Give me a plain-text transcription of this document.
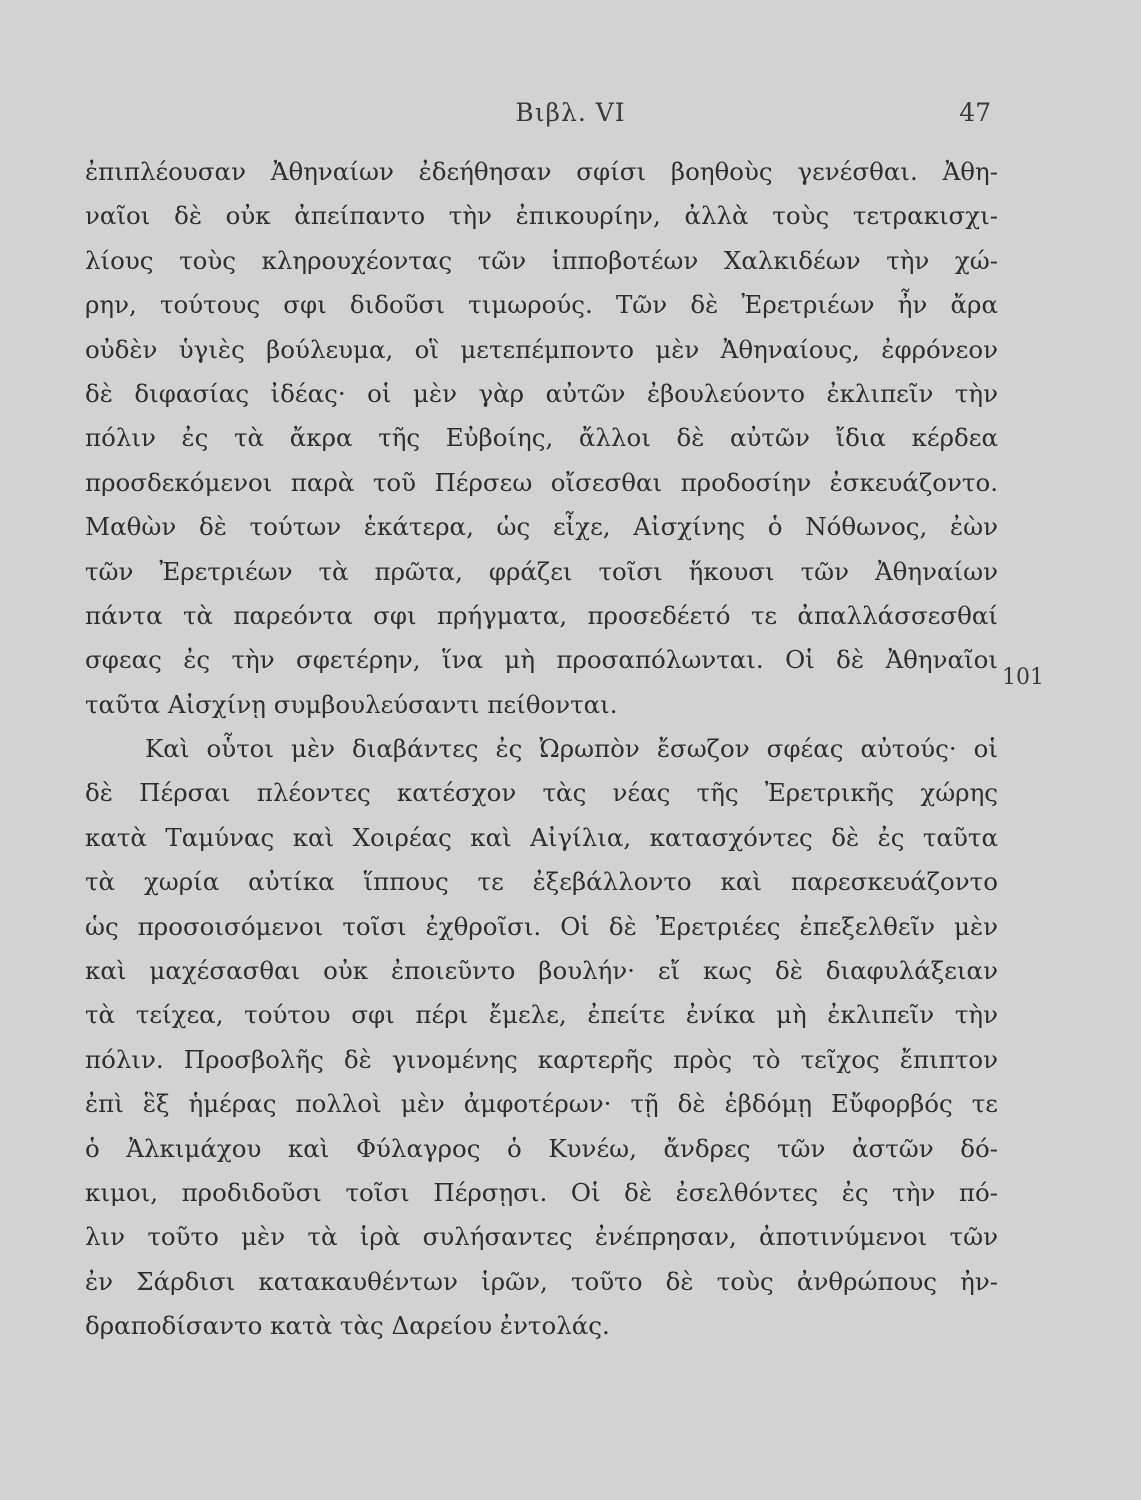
Βιβλ. VI	47
101
ἐπιπλέουσαν Ἀθηναίων ἐδεήθησαν σφίσι βοηθοὺς γενέσθαι. Ἀθη-
ναῖοι δὲ οὐκ ἀπείπαντο τὴν ἐπικουρίην, ἀλλὰ τοὺς τετρακισχι-
λίους τοὺς κληρουχέοντας τῶν ἱπποβοτέων Χαλκιδέων τὴν χώ-
ρην, τούτους σφι διδοῦσι τιμωρούς. Τῶν δὲ Ἐρετριέων ἦν ἄρα
οὐδὲν ὑγιὲς βούλευμα, οἳ μετεπέμποντο μὲν Ἀθηναίους, ἐφρόνεον
δὲ διφασίας ἰδέας· οἱ μὲν γὰρ αὐτῶν ἐβουλεύοντο ἐκλιπεῖν τὴν
πόλιν ἐς τὰ ἄκρα τῆς Εὐβοίης, ἄλλοι δὲ αὐτῶν ἴδια κέρδεα
προσδεκόμενοι παρὰ τοῦ Πέρσεω οἴσεσθαι προδοσίην ἐσκευάζοντο.
Μαθὼν δὲ τούτων ἑκάτερα, ὡς εἶχε, Αἰσχίνης ὁ Νόθωνος, ἐὼν
τῶν Ἐρετριέων τὰ πρῶτα, φράζει τοῖσι ἥκουσι τῶν Ἀθηναίων
πάντα τὰ παρεόντα σφι πρήγματα, προσεδέετό τε ἀπαλλάσσεσθαί
σφεας ἐς τὴν σφετέρην, ἵνα μὴ προσαπόλωνται. Οἱ δὲ Ἀθηναῖοι
ταῦτα Αἰσχίνῃ συμβουλεύσαντι πείθονται.
Καὶ οὗτοι μὲν διαβάντες ἐς Ὠρωπὸν ἔσωζον σφέας αὐτούς· οἱ
δὲ Πέρσαι πλέοντες κατέσχον τὰς νέας τῆς Ἐρετρικῆς χώρης
κατὰ Ταμύνας καὶ Χοιρέας καὶ Αἰγίλια, κατασχόντες δὲ ἐς ταῦτα
τὰ χωρία αὐτίκα ἵππους τε ἐξεβάλλοντο καὶ παρεσκευάζοντο
ὡς προσοισόμενοι τοῖσι ἐχθροῖσι. Οἱ δὲ Ἐρετριέες ἐπεξελθεῖν μὲν
καὶ μαχέσασθαι οὐκ ἐποιεῦντο βουλήν· εἴ κως δὲ διαφυλάξειαν
τὰ τείχεα, τούτου σφι πέρι ἔμελε, ἐπείτε ἐνίκα μὴ ἐκλιπεῖν τὴν
πόλιν. Προσβολῆς δὲ γινομένης καρτερῆς πρὸς τὸ τεῖχος ἔπιπτον
ἐπὶ ἓξ ἡμέρας πολλοὶ μὲν ἀμφοτέρων· τῇ δὲ ἑβδόμῃ Εὔφορβός τε
ὁ Ἀλκιμάχου καὶ Φύλαγρος ὁ Κυνέω, ἄνδρες τῶν ἀστῶν δό-
κιμοι, προδιδοῦσι τοῖσι Πέρσῃσι. Οἱ δὲ ἐσελθόντες ἐς τὴν πό-
λιν τοῦτο μὲν τὰ ἱρὰ συλήσαντες ἐνέπρησαν, ἀποτινύμενοι τῶν
ἐν Σάρδισι κατακαυθέντων ἱρῶν, τοῦτο δὲ τοὺς ἀνθρώπους ἠν-
δραποδίσαντο κατὰ τὰς Δαρείου ἐντολάς.
